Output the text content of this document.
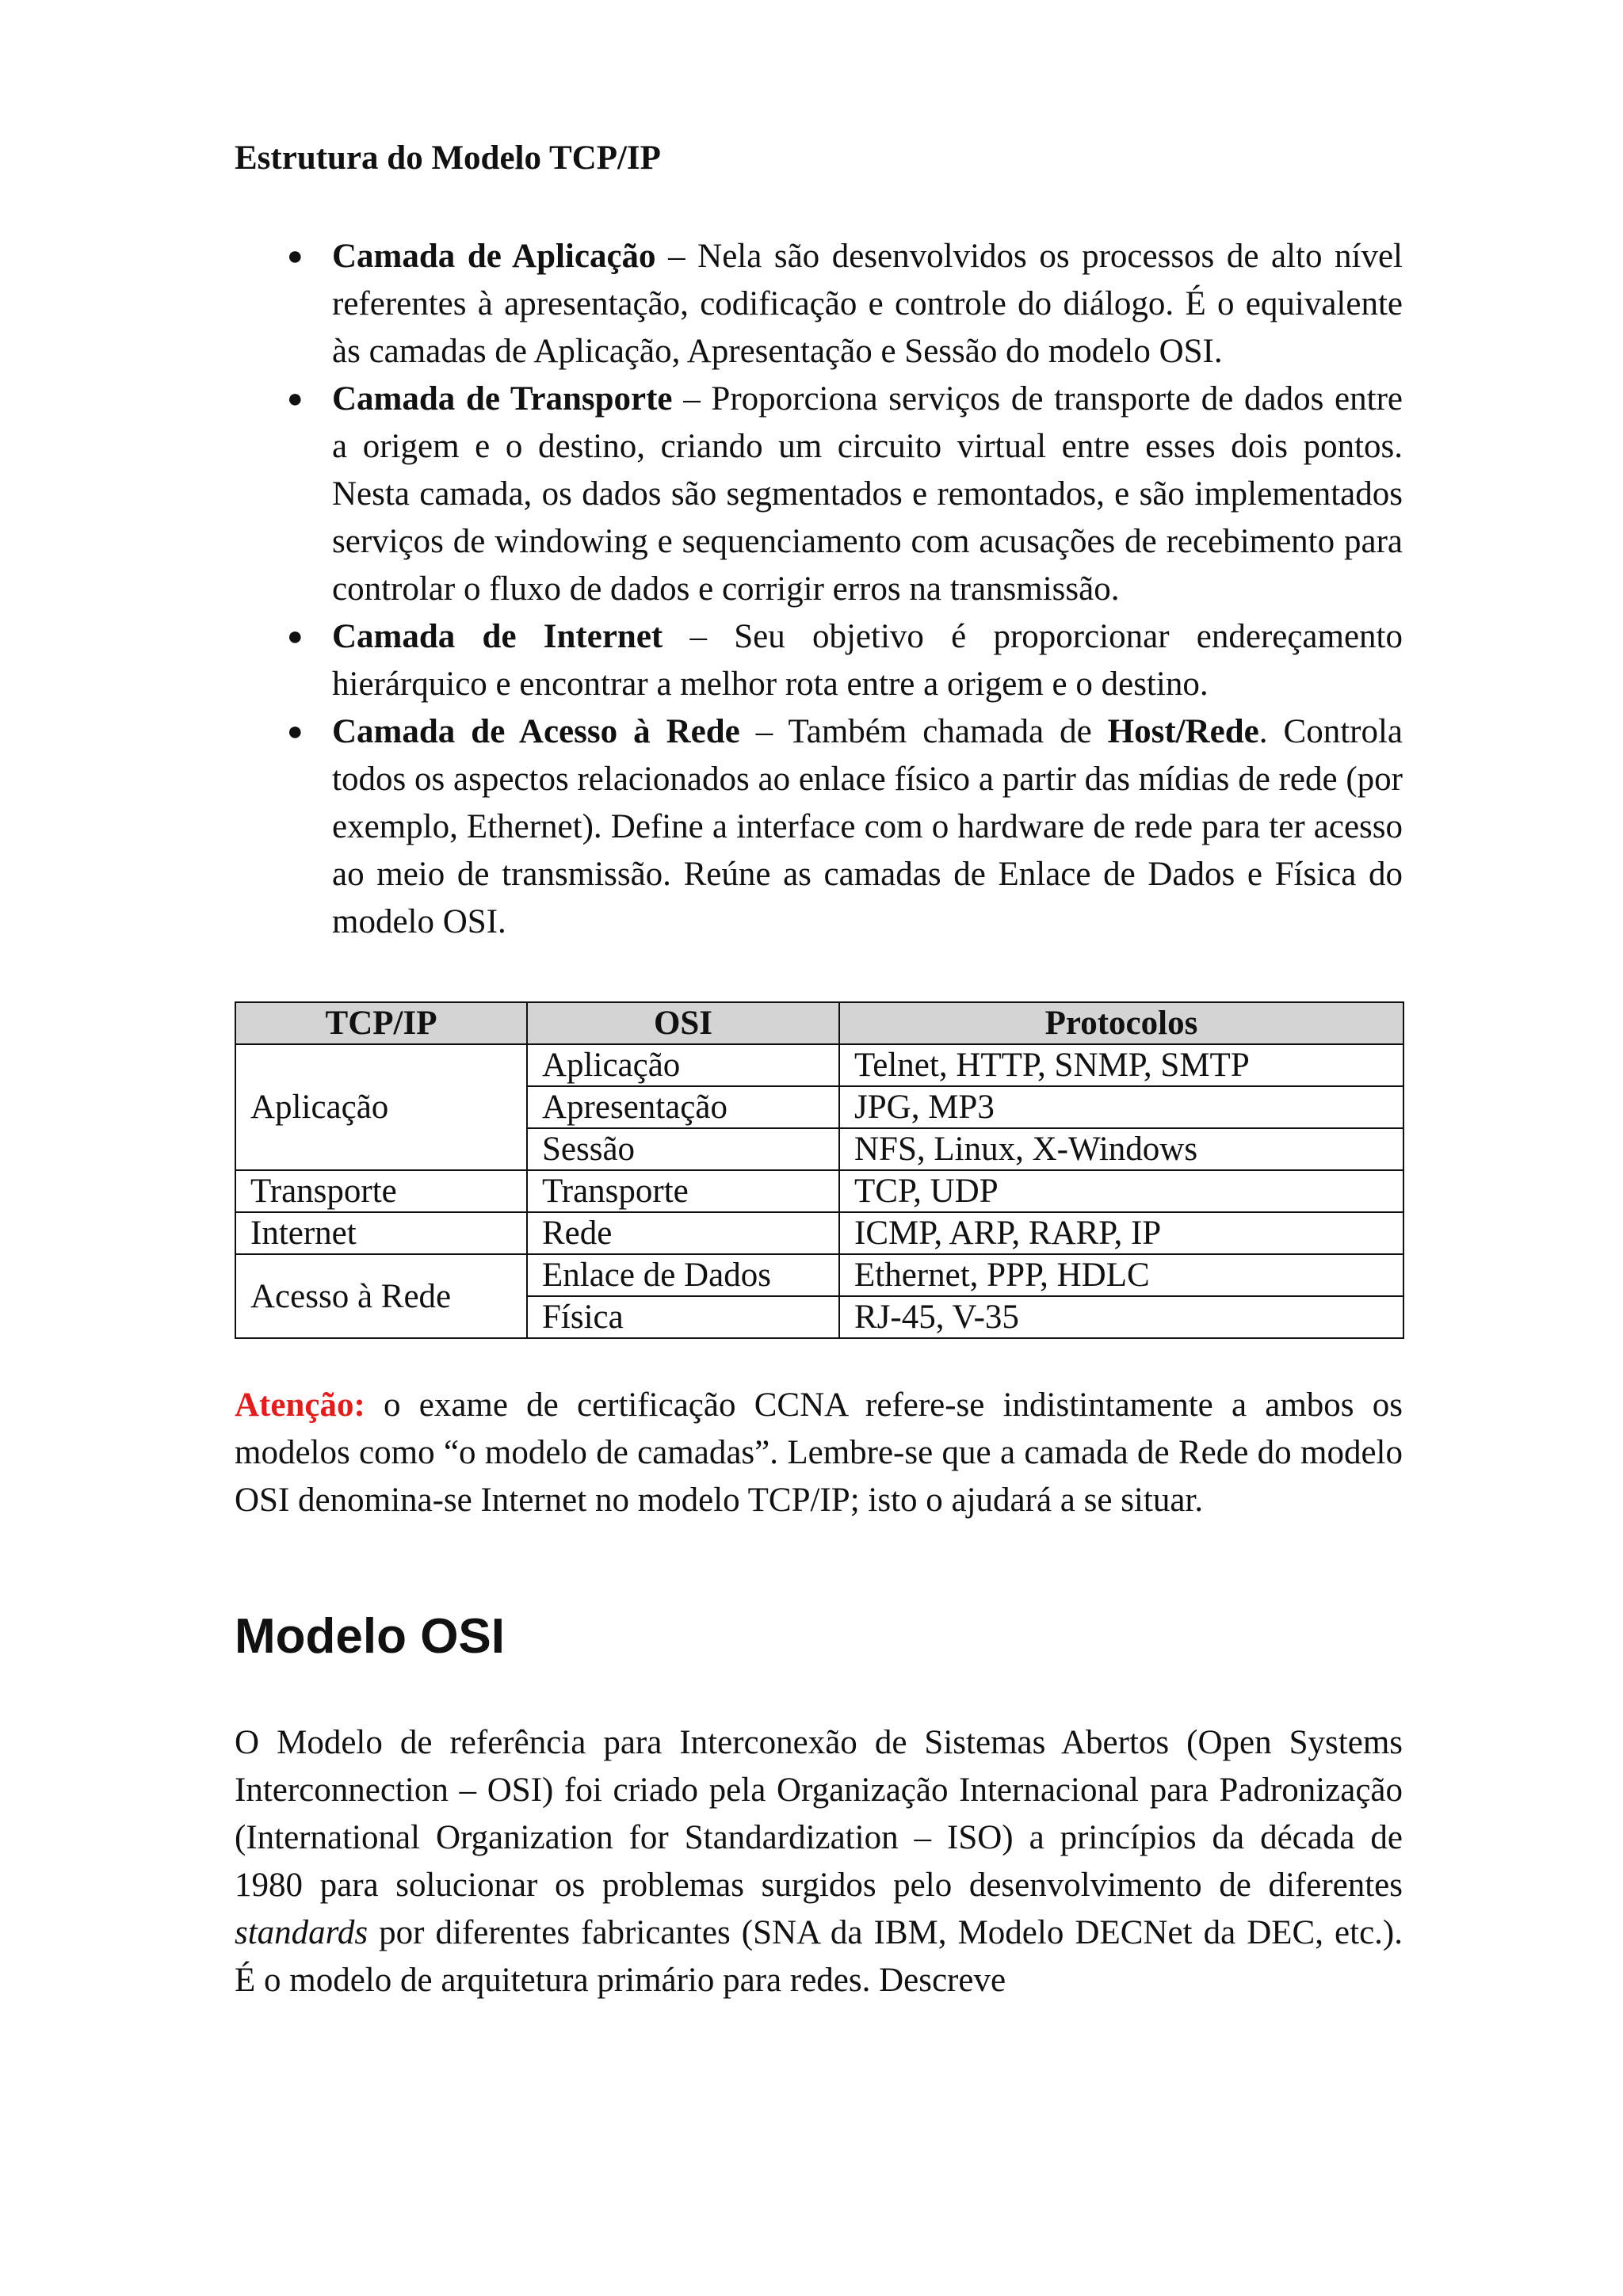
Estrutura do Modelo TCP/IP

● Camada de Aplicação – Nela são desenvolvidos os processos de alto nível referentes à apresentação, codificação e controle do diálogo. É o equivalente às camadas de Aplicação, Apresentação e Sessão do modelo OSI.
● Camada de Transporte – Proporciona serviços de transporte de dados entre a origem e o destino, criando um circuito virtual entre esses dois pontos. Nesta camada, os dados são segmentados e remontados, e são implementados serviços de windowing e sequenciamento com acusações de recebimento para controlar o fluxo de dados e corrigir erros na transmissão.
● Camada de Internet – Seu objetivo é proporcionar endereçamento hierárquico e encontrar a melhor rota entre a origem e o destino.
● Camada de Acesso à Rede – Também chamada de Host/Rede. Controla todos os aspectos relacionados ao enlace físico a partir das mídias de rede (por exemplo, Ethernet). Define a interface com o hardware de rede para ter acesso ao meio de transmissão. Reúne as camadas de Enlace de Dados e Física do modelo OSI.
TCP/IP	OSI	Protocolos
Aplicação	Aplicação	Telnet, HTTP, SNMP, SMTP
	Apresentação	JPG, MP3
	Sessão	NFS, Linux, X-Windows
Transporte	Transporte	TCP, UDP
Internet	Rede	ICMP, ARP, RARP, IP
Acesso à Rede	Enlace de Dados	Ethernet, PPP, HDLC
	Física	RJ-45, V-35

Atenção: o exame de certificação CCNA refere-se indistintamente a ambos os modelos como “o modelo de camadas”. Lembre-se que a camada de Rede do modelo OSI denomina-se Internet no modelo TCP/IP; isto o ajudará a se situar.

Modelo OSI

O Modelo de referência para Interconexão de Sistemas Abertos (Open Systems Interconnection – OSI) foi criado pela Organização Internacional para Padronização (International Organization for Standardization – ISO) a princípios da década de 1980 para solucionar os problemas surgidos pelo desenvolvimento de diferentes standards por diferentes fabricantes (SNA da IBM, Modelo DECNet da DEC, etc.). É o modelo de arquitetura primário para redes. Descreve
